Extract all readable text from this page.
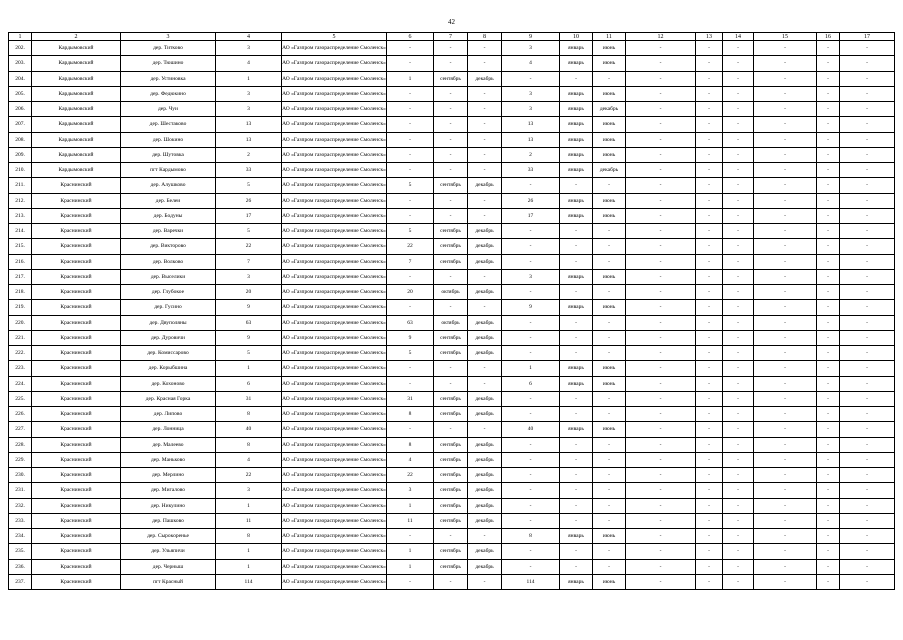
42
1	2	3	4	5	6	7	8	9	10	11	12	13	14	15	16	17
202.	Кардымовский	дер. Титково	3	АО «Газпром газораспределение Смоленск»	-	-	-	3	январь	июнь	-	-	-	-	-	-
203.	Кардымовский	дер. Тюшино	4	АО «Газпром газораспределение Смоленск»	-	-	-	4	январь	июнь	-	-	-	-	-	-
204.	Кардымовский	дер. Устиновка	1	АО «Газпром газораспределение Смоленск»	1	сентябрь	декабрь	-	-	-	-	-	-	-	-	-
205.	Кардымовский	дер. Федюкино	3	АО «Газпром газораспределение Смоленск»	-	-	-	3	январь	июнь	-	-	-	-	-	-
206.	Кардымовский	дер. Чуи	3	АО «Газпром газораспределение Смоленск»	-	-	-	3	январь	декабрь	-	-	-	-	-	-
207.	Кардымовский	дер. Шестаково	13	АО «Газпром газораспределение Смоленск»	-	-	-	13	январь	июнь	-	-	-	-	-	-
208.	Кардымовский	дер. Шокино	13	АО «Газпром газораспределение Смоленск»	-	-	-	13	январь	июнь	-	-	-	-	-	-
209.	Кардымовский	дер. Шутовка	2	АО «Газпром газораспределение Смоленск»	-	-	-	2	январь	июнь	-	-	-	-	-	-
210.	Кардымовский	пгт Кардымово	33	АО «Газпром газораспределение Смоленск»	-	-	-	33	январь	декабрь	-	-	-	-	-	-
211.	Краснинский	дер. Алушково	5	АО «Газпром газораспределение Смоленск»	5	сентябрь	декабрь	-	-	-	-	-	-	-	-	-
212.	Краснинский	дер. Белеи	26	АО «Газпром газораспределение Смоленск»	-	-	-	26	январь	июнь	-	-	-	-	-	-
213.	Краснинский	дер. Бодуны	17	АО «Газпром газораспределение Смоленск»	-	-	-	17	январь	июнь	-	-	-	-	-	-
214.	Краснинский	дер. Варечки	5	АО «Газпром газораспределение Смоленск»	5	сентябрь	декабрь	-	-	-	-	-	-	-	-	-
215.	Краснинский	дер. Викторово	22	АО «Газпром газораспределение Смоленск»	22	сентябрь	декабрь	-	-	-	-	-	-	-	-	-
216.	Краснинский	дер. Волково	7	АО «Газпром газораспределение Смоленск»	7	сентябрь	декабрь	-	-	-	-	-	-	-	-	-
217.	Краснинский	дер. Выселики	3	АО «Газпром газораспределение Смоленск»	-	-	-	3	январь	июнь	-	-	-	-	-	-
218.	Краснинский	дер. Глубокое	20	АО «Газпром газораспределение Смоленск»	20	октябрь	декабрь	-	-	-	-	-	-	-	-	-
219.	Краснинский	дер. Гусино	9	АО «Газпром газораспределение Смоленск»	-	-	-	9	январь	июнь	-	-	-	-	-	-
220.	Краснинский	дер. Двуполяны	63	АО «Газпром газораспределение Смоленск»	63	октябрь	декабрь	-	-	-	-	-	-	-	-	-
221.	Краснинский	дер. Дуровичи	9	АО «Газпром газораспределение Смоленск»	9	сентябрь	декабрь	-	-	-	-	-	-	-	-	-
222.	Краснинский	дер. Комиссарово	5	АО «Газпром газораспределение Смоленск»	5	сентябрь	декабрь	-	-	-	-	-	-	-	-	-
223.	Краснинский	дер. Корыбшина	1	АО «Газпром газораспределение Смоленск»	-	-	-	1	январь	июнь	-	-	-	-	-	-
224.	Краснинский	дер. Кохоново	6	АО «Газпром газораспределение Смоленск»	-	-	-	6	январь	июнь	-	-	-	-	-	-
225.	Краснинский	дер. Красная Горка	31	АО «Газпром газораспределение Смоленск»	31	сентябрь	декабрь	-	-	-	-	-	-	-	-	-
226.	Краснинский	дер. Липово	8	АО «Газпром газораспределение Смоленск»	8	сентябрь	декабрь	-	-	-	-	-	-	-	-	-
227.	Краснинский	дер. Лонница	40	АО «Газпром газораспределение Смоленск»	-	-	-	40	январь	июнь	-	-	-	-	-	-
228.	Краснинский	дер. Малеево	8	АО «Газпром газораспределение Смоленск»	8	сентябрь	декабрь	-	-	-	-	-	-	-	-	-
229.	Краснинский	дер. Маньково	4	АО «Газпром газораспределение Смоленск»	4	сентябрь	декабрь	-	-	-	-	-	-	-	-	-
230.	Краснинский	дер. Мерлино	22	АО «Газпром газораспределение Смоленск»	22	сентябрь	декабрь	-	-	-	-	-	-	-	-	-
231.	Краснинский	дер. Мигалово	3	АО «Газпром газораспределение Смоленск»	3	сентябрь	декабрь	-	-	-	-	-	-	-	-	-
232.	Краснинский	дер. Никулино	1	АО «Газпром газораспределение Смоленск»	1	сентябрь	декабрь	-	-	-	-	-	-	-	-	-
233.	Краснинский	дер. Пашково	11	АО «Газпром газораспределение Смоленск»	11	сентябрь	декабрь	-	-	-	-	-	-	-	-	-
234.	Краснинский	дер. Сырокоренье	8	АО «Газпром газораспределение Смоленск»	-	-	-	8	январь	июнь	-	-	-	-	-	-
235.	Краснинский	дер. Ульяпичи	1	АО «Газпром газораспределение Смоленск»	1	сентябрь	декабрь	-	-	-	-	-	-	-	-	-
236.	Краснинский	дер. Черныш	1	АО «Газпром газораспределение Смоленск»	1	сентябрь	декабрь	-	-	-	-	-	-	-	-	-
237.	Краснинский	пгт Красный	114	АО «Газпром газораспределение Смоленск»	-	-	-	114	январь	июнь	-	-	-	-	-	-
